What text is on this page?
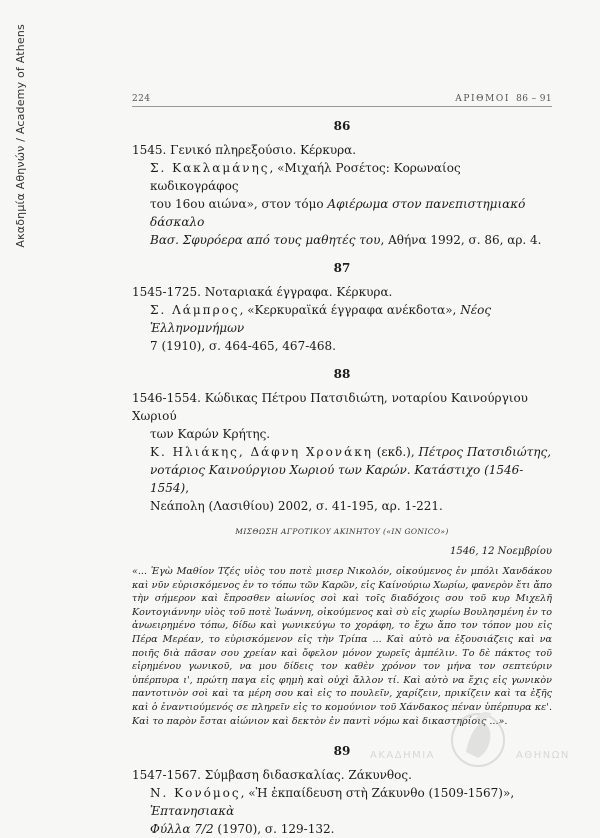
Ακαδημία Αθηνών / Academy of Athens	224	ΑΡΙΘΜΟΙ 86 – 91
86
1545. Γενικό πληρεξούσιο. Κέρκυρα.
Σ. Κακλαμάνης, «Μιχαήλ Ροσέτος: Κορωναίος κωδικογράφος
του 16ου αιώνα», στον τόμο Αφιέρωμα στον πανεπιστημιακό δάσκαλο
Βασ. Σφυρόερα από τους μαθητές του, Αθήνα 1992, σ. 86, αρ. 4.
87
1545-1725. Νοταριακά έγγραφα. Κέρκυρα.
Σ. Λάμπρος, «Κερκυραϊκά έγγραφα ανέκδοτα», Νέος Ἑλληνομνήμων
7 (1910), σ. 464-465, 467-468.
88
1546-1554. Κώδικας Πέτρου Πατσιδιώτη, νοταρίου Καινούργιου Χωριού
των Καρών Κρήτης.
Κ. Ηλιάκης, Δάφνη Χρονάκη (εκδ.), Πέτρος Πατσιδιώτης,
νοτάριος Καινούργιου Χωριού των Καρών. Κατάστιχο (1546-1554),
Νεάπολη (Λασιθίου) 2002, σ. 41-195, αρ. 1-221.
ΜΙΣΘΩΣΗ ΑΓΡΟΤΙΚΟΥ ΑΚΙΝΗΤΟΥ («IN GONICO»)
1546, 12 Νοεμβρίου
«... Ἐγὼ Μαθίον Τζές υἱὸς του ποτὲ μισερ Νικολόν, οἰκούμενος ἐν μπόλι Χανδάκου καὶ νῦν εὐρισκόμενος ἐν το τόπω τῶν Καρῶν, εἰς Καίνούριω Χωρίω, φανερὸν ἔτι ἄπο τὴν σήμερον καὶ ἔπροσθεν αἰωνίος σοὶ καὶ τοῖς διαδόχοις σου τοῦ κυρ Μιχελῆ Κοντογιάννην υἱὸς τοῦ ποτὲ Ἰωάννη, οἰκούμενος καὶ σὺ εἰς χωρίω Βουλησμένη ἐν το ἀνωειρημένο τόπω, δίδω καὶ γωνικεύγω το χοράφη, το ἔχω ἄπο τον τόπον μου εἰς Πέρα Μερέαν, το εὑρισκόμενον εἰς τὴν Τρίπα ... Καὶ αὐτὸ να ἐξουσιάζεις καὶ να ποιῆς διὰ πᾶσαν σου χρείαν καὶ ὄφελον μόνον χωρεῖς ἀμπέλιν. Το δὲ πάκτος τοῦ εἰρημένου γωνικοῦ, να μου δίδεις τον καθὲν χρόνον τον μήνα τον σεπτεύριν ὑπέρπυρα ι', πρώτη παγα εἰς φημὴ καὶ οὐχὶ ἄλλον τί. Καὶ αὐτὸ να ἔχις εἰς γωνικὸν παντοτινὸν σοὶ καὶ τα μέρη σου καὶ εἰς το πουλεῖν, χαρίζειν, πρικίζειν καὶ τα ἑξῆς καὶ ὁ ἐναντιούμενός σε πληρεῖν εἰς το κομούνιον τοῦ Χάνδακος πέναν ὑπέρπυρα κε'. Καὶ το παρὸν ἔσται αἰώνιον καὶ δεκτὸν ἐν παντὶ νόμω καὶ δικαστηρίοις ...».
89
1547-1567. Σύμβαση διδασκαλίας. Ζάκυνθος.
Ν. Κονόμος, «Ἡ ἐκπαίδευση στὴ Ζάκυνθο (1509-1567)», Ἑπτανησιακὰ
Φύλλα 7/2 (1970), σ. 129-132.
ΑΚΑΔΗΜΙΑ	ΑΘΗΝΩΝ
